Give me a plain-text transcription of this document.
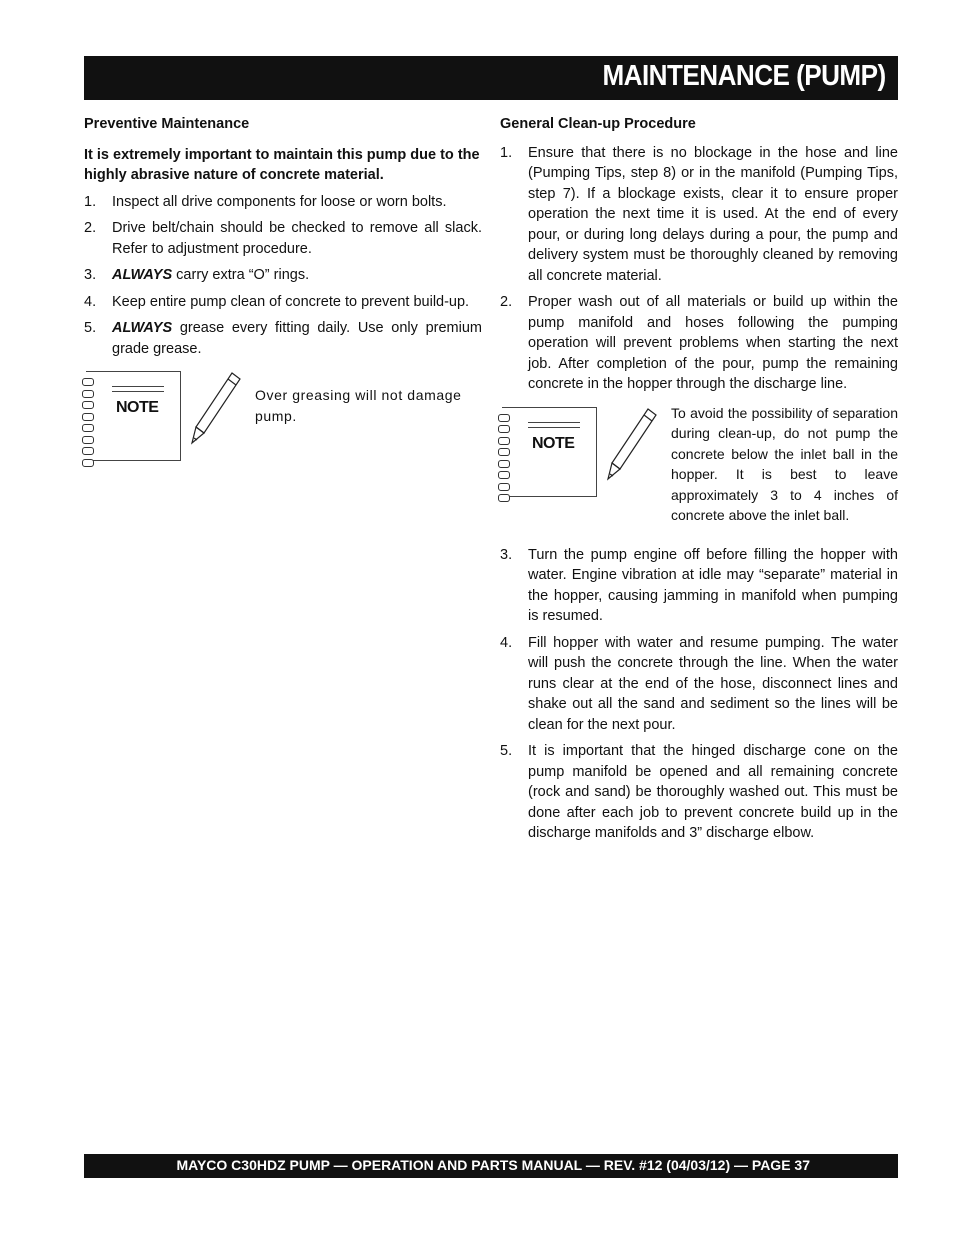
MAINTENANCE (PUMP)
Preventive Maintenance
It is extremely important to maintain this pump due to the highly abrasive nature of concrete material.
1. Inspect all drive components for loose or worn bolts.
2. Drive belt/chain should be checked to remove all slack. Refer to adjustment procedure.
3. ALWAYS carry extra “O” rings.
4. Keep entire pump clean of concrete to prevent build-up.
5. ALWAYS grease every fitting daily. Use only premium grade grease.
NOTE
Over greasing will not damage pump.
General Clean-up Procedure
1. Ensure that there is no blockage in the hose and line (Pumping Tips, step 8) or in the manifold (Pumping Tips, step 7). If a blockage exists, clear it to ensure proper operation the next time it is used. At the end of every pour, or during long delays during a pour, the pump and delivery system must be thoroughly cleaned by removing all concrete material.
2. Proper wash out of all materials or build up within the pump manifold and hoses following the pumping operation will prevent problems when starting the next job. After completion of the pour, pump the remaining concrete in the hopper through the discharge line.
NOTE
To avoid the possibility of separation during clean-up, do not pump the concrete below the inlet ball in the hopper. It is best to leave approximately 3 to 4 inches of concrete above the inlet ball.
3. Turn the pump engine off before filling the hopper with water. Engine vibration at idle may “separate” material in the hopper, causing jamming in manifold when pumping is resumed.
4. Fill hopper with water and resume pumping. The water will push the concrete through the line. When the water runs clear at the end of the hose, disconnect lines and shake out all the sand and sediment so the lines will be clean for the next pour.
5. It is important that the hinged discharge cone on the pump manifold be opened and all remaining concrete (rock and sand) be thoroughly washed out. This must be done after each job to prevent concrete build up in the discharge manifolds and 3” discharge elbow.
MAYCO C30HDZ PUMP — OPERATION AND PARTS MANUAL — REV. #12 (04/03/12) — PAGE 37
